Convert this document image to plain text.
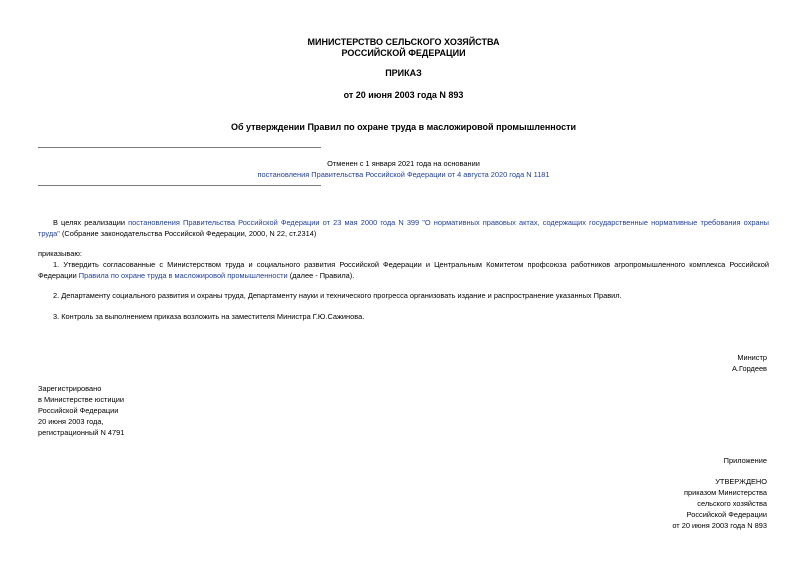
МИНИСТЕРСТВО СЕЛЬСКОГО ХОЗЯЙСТВА
РОССИЙСКОЙ ФЕДЕРАЦИИ
ПРИКАЗ
от 20 июня 2003 года N 893
Об утверждении Правил по охране труда в масложировой промышленности
Отменен с 1 января 2021 года на основании
постановления Правительства Российской Федерации от 4 августа 2020 года N 1181
В целях реализации постановления Правительства Российской Федерации от 23 мая 2000 года N 399 "О нормативных правовых актах, содержащих государственные нормативные требования охраны труда" (Собрание законодательства Российской Федерации, 2000, N 22, ст.2314)
приказываю:
1. Утвердить согласованные с Министерством труда и социального развития Российской Федерации и Центральным Комитетом профсоюза работников агропромышленного комплекса Российской Федерации Правила по охране труда в масложировой промышленности (далее - Правила).
2. Департаменту социального развития и охраны труда, Департаменту науки и технического прогресса организовать издание и распространение указанных Правил.
3. Контроль за выполнением приказа возложить на заместителя Министра Г.Ю.Сажинова.
Министр
А.Гордеев
Зарегистрировано
в Министерстве юстиции
Российской Федерации
20 июня 2003 года,
регистрационный N 4791
Приложение
УТВЕРЖДЕНО
приказом Министерства
сельского хозяйства
Российской Федерации
от 20 июня 2003 года N 893
